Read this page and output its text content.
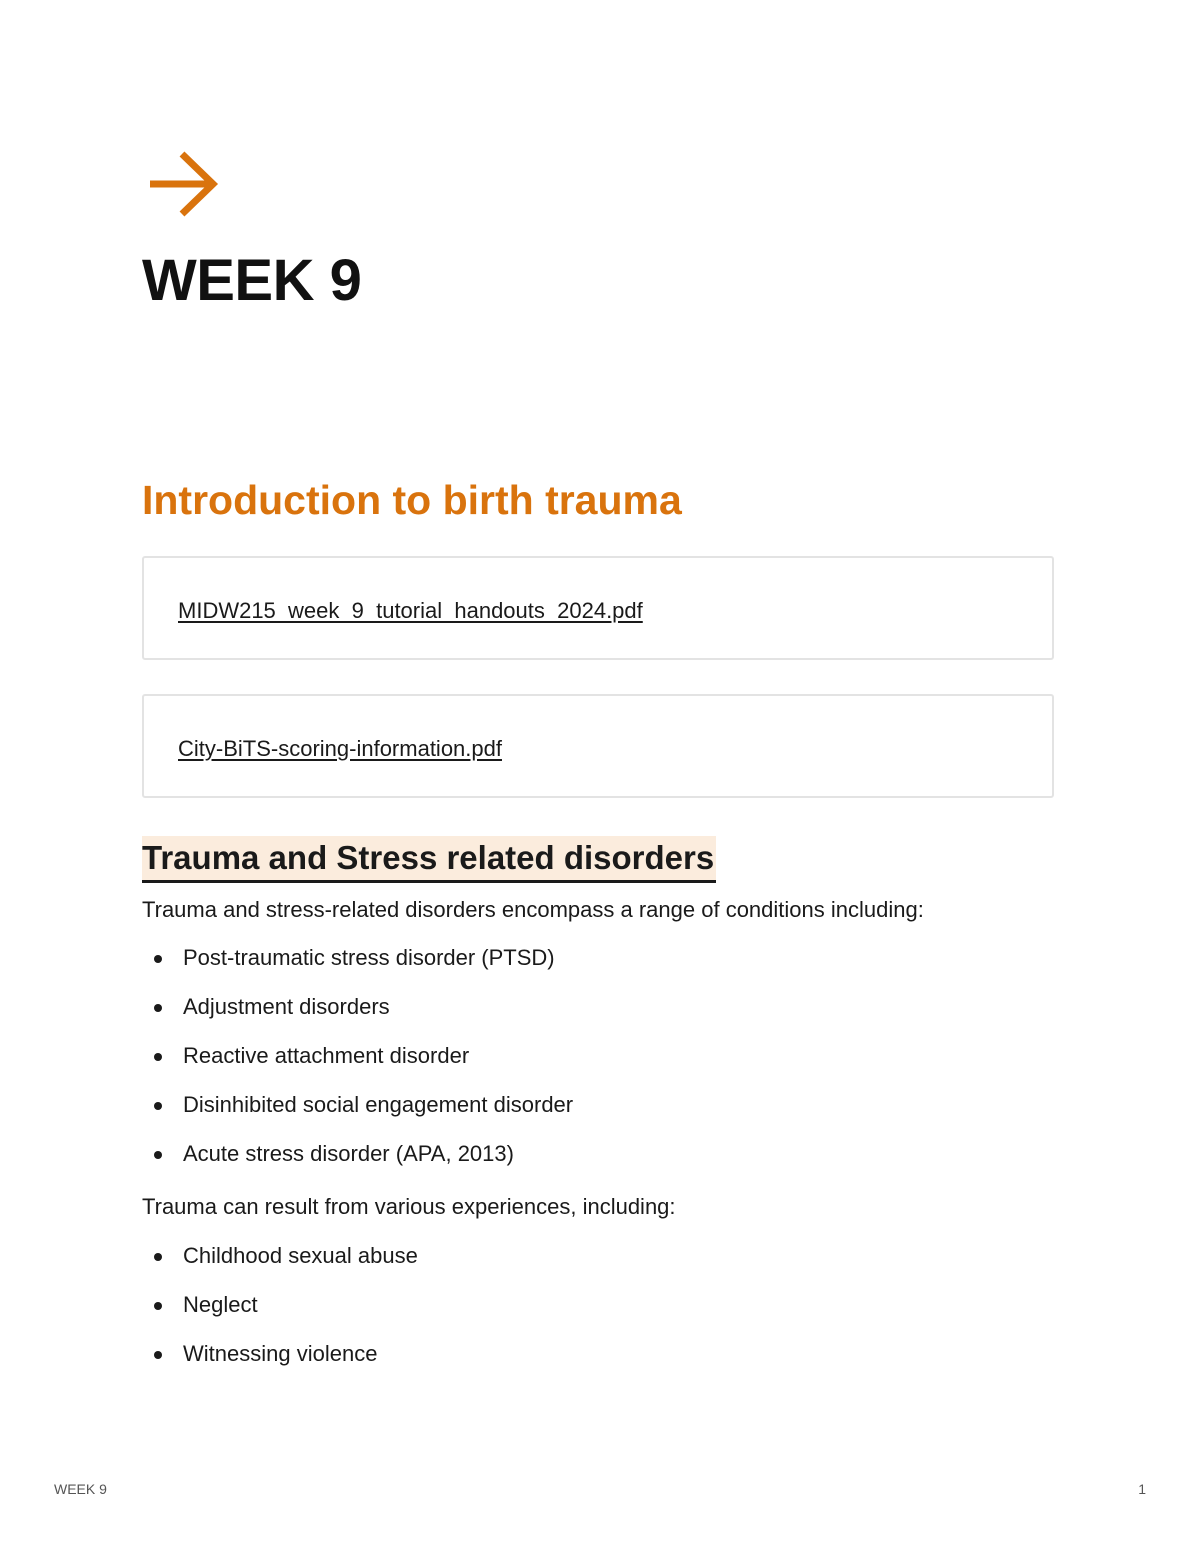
WEEK 9
Introduction to birth trauma
MIDW215_week_9_tutorial_handouts_2024.pdf
City-BiTS-scoring-information.pdf
Trauma and Stress related disorders

Trauma and stress-related disorders encompass a range of conditions including:

Post-traumatic stress disorder (PTSD)
Adjustment disorders
Reactive attachment disorder
Disinhibited social engagement disorder
Acute stress disorder (APA, 2013)

Trauma can result from various experiences, including:

Childhood sexual abuse
Neglect
Witnessing violence
WEEK 9	1
